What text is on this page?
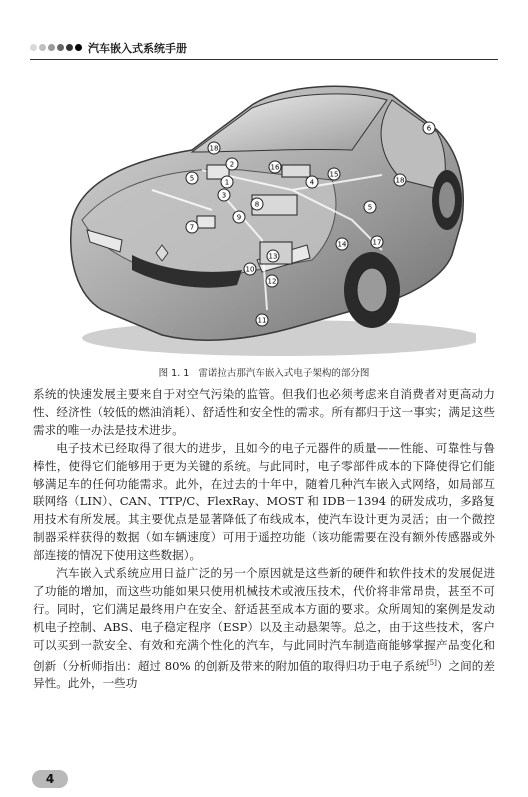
汽车嵌入式系统手册
1
2
3
4
5
5
6
7
8
9
10
11
12
13
14
15
16
17
18
18
图 1. 1 雷诺拉古那汽车嵌入式电子架构的部分图

系统的快速发展主要来自于对空气污染的监管。但我们也必须考虑来自消费者对更高动力性、经济性（较低的燃油消耗）、舒适性和安全性的需求。所有都归于这一事实；满足这些需求的唯一办法是技术进步。

电子技术已经取得了很大的进步，且如今的电子元器件的质量——性能、可靠性与鲁棒性，使得它们能够用于更为关键的系统。与此同时，电子零部件成本的下降使得它们能够满足车的任何功能需求。此外，在过去的十年中，随着几种汽车嵌入式网络，如局部互联网络（LIN）、CAN、TTP/C、FlexRay、MOST 和 IDB－1394 的研发成功，多路复用技术有所发展。其主要优点是显著降低了布线成本，使汽车设计更为灵活；由一个微控制器采样获得的数据（如车辆速度）可用于遥控功能（该功能需要在没有额外传感器或外部连接的情况下使用这些数据）。

汽车嵌入式系统应用日益广泛的另一个原因就是这些新的硬件和软件技术的发展促进了功能的增加，而这些功能如果只使用机械技术或液压技术，代价将非常昂贵，甚至不可行。同时，它们满足最终用户在安全、舒适甚至成本方面的要求。众所周知的案例是发动机电子控制、ABS、电子稳定程序（ESP）以及主动悬架等。总之，由于这些技术，客户可以买到一款安全、有效和充满个性化的汽车，与此同时汽车制造商能够掌握产品变化和创新（分析师指出：超过 80% 的创新及带来的附加值的取得归功于电子系统[5]）之间的差异性。此外，一些功

4
